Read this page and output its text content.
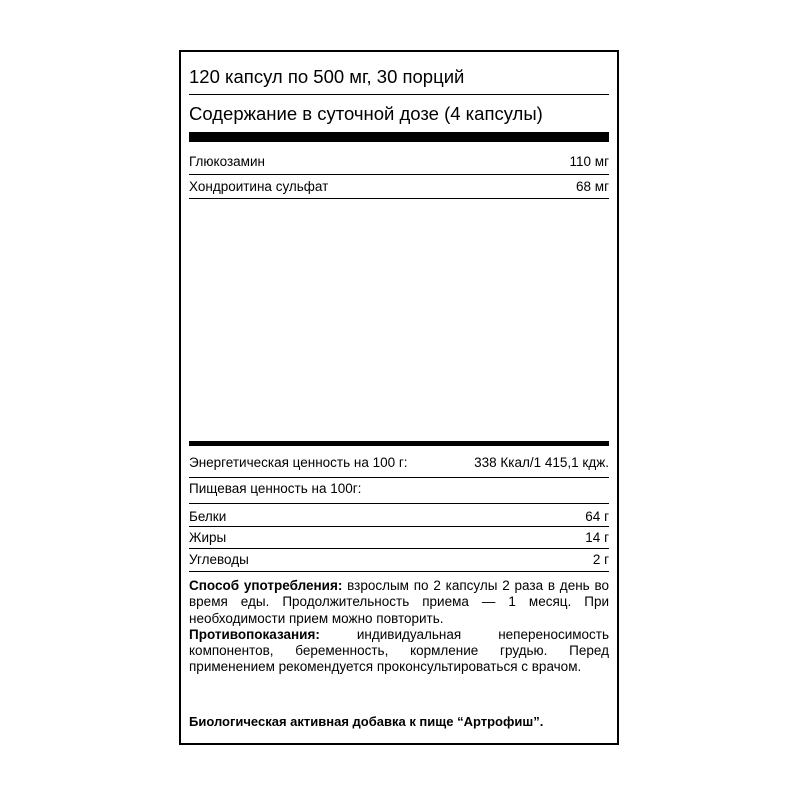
120 капсул по 500 мг, 30 порций
Содержание в суточной дозе (4 капсулы)
Глюкозамин	110 мг
Хондроитина сульфат	68 мг
Энергетическая ценность на 100 г:	338 Ккал/1 415,1 кдж.
Пищевая ценность на 100г:
Белки	64 г
Жиры	14 г
Углеводы	2 г

Способ употребления: взрослым по 2 капсулы 2 раза в день во время еды. Продолжительность приема — 1 месяц. При необходимости прием можно повторить.

Противопоказания: индивидуальная непереносимость компонентов, беременность, кормление грудью. Перед применением рекомендуется проконсультироваться с врачом.

Биологическая активная добавка к пище “Артрофиш”.
